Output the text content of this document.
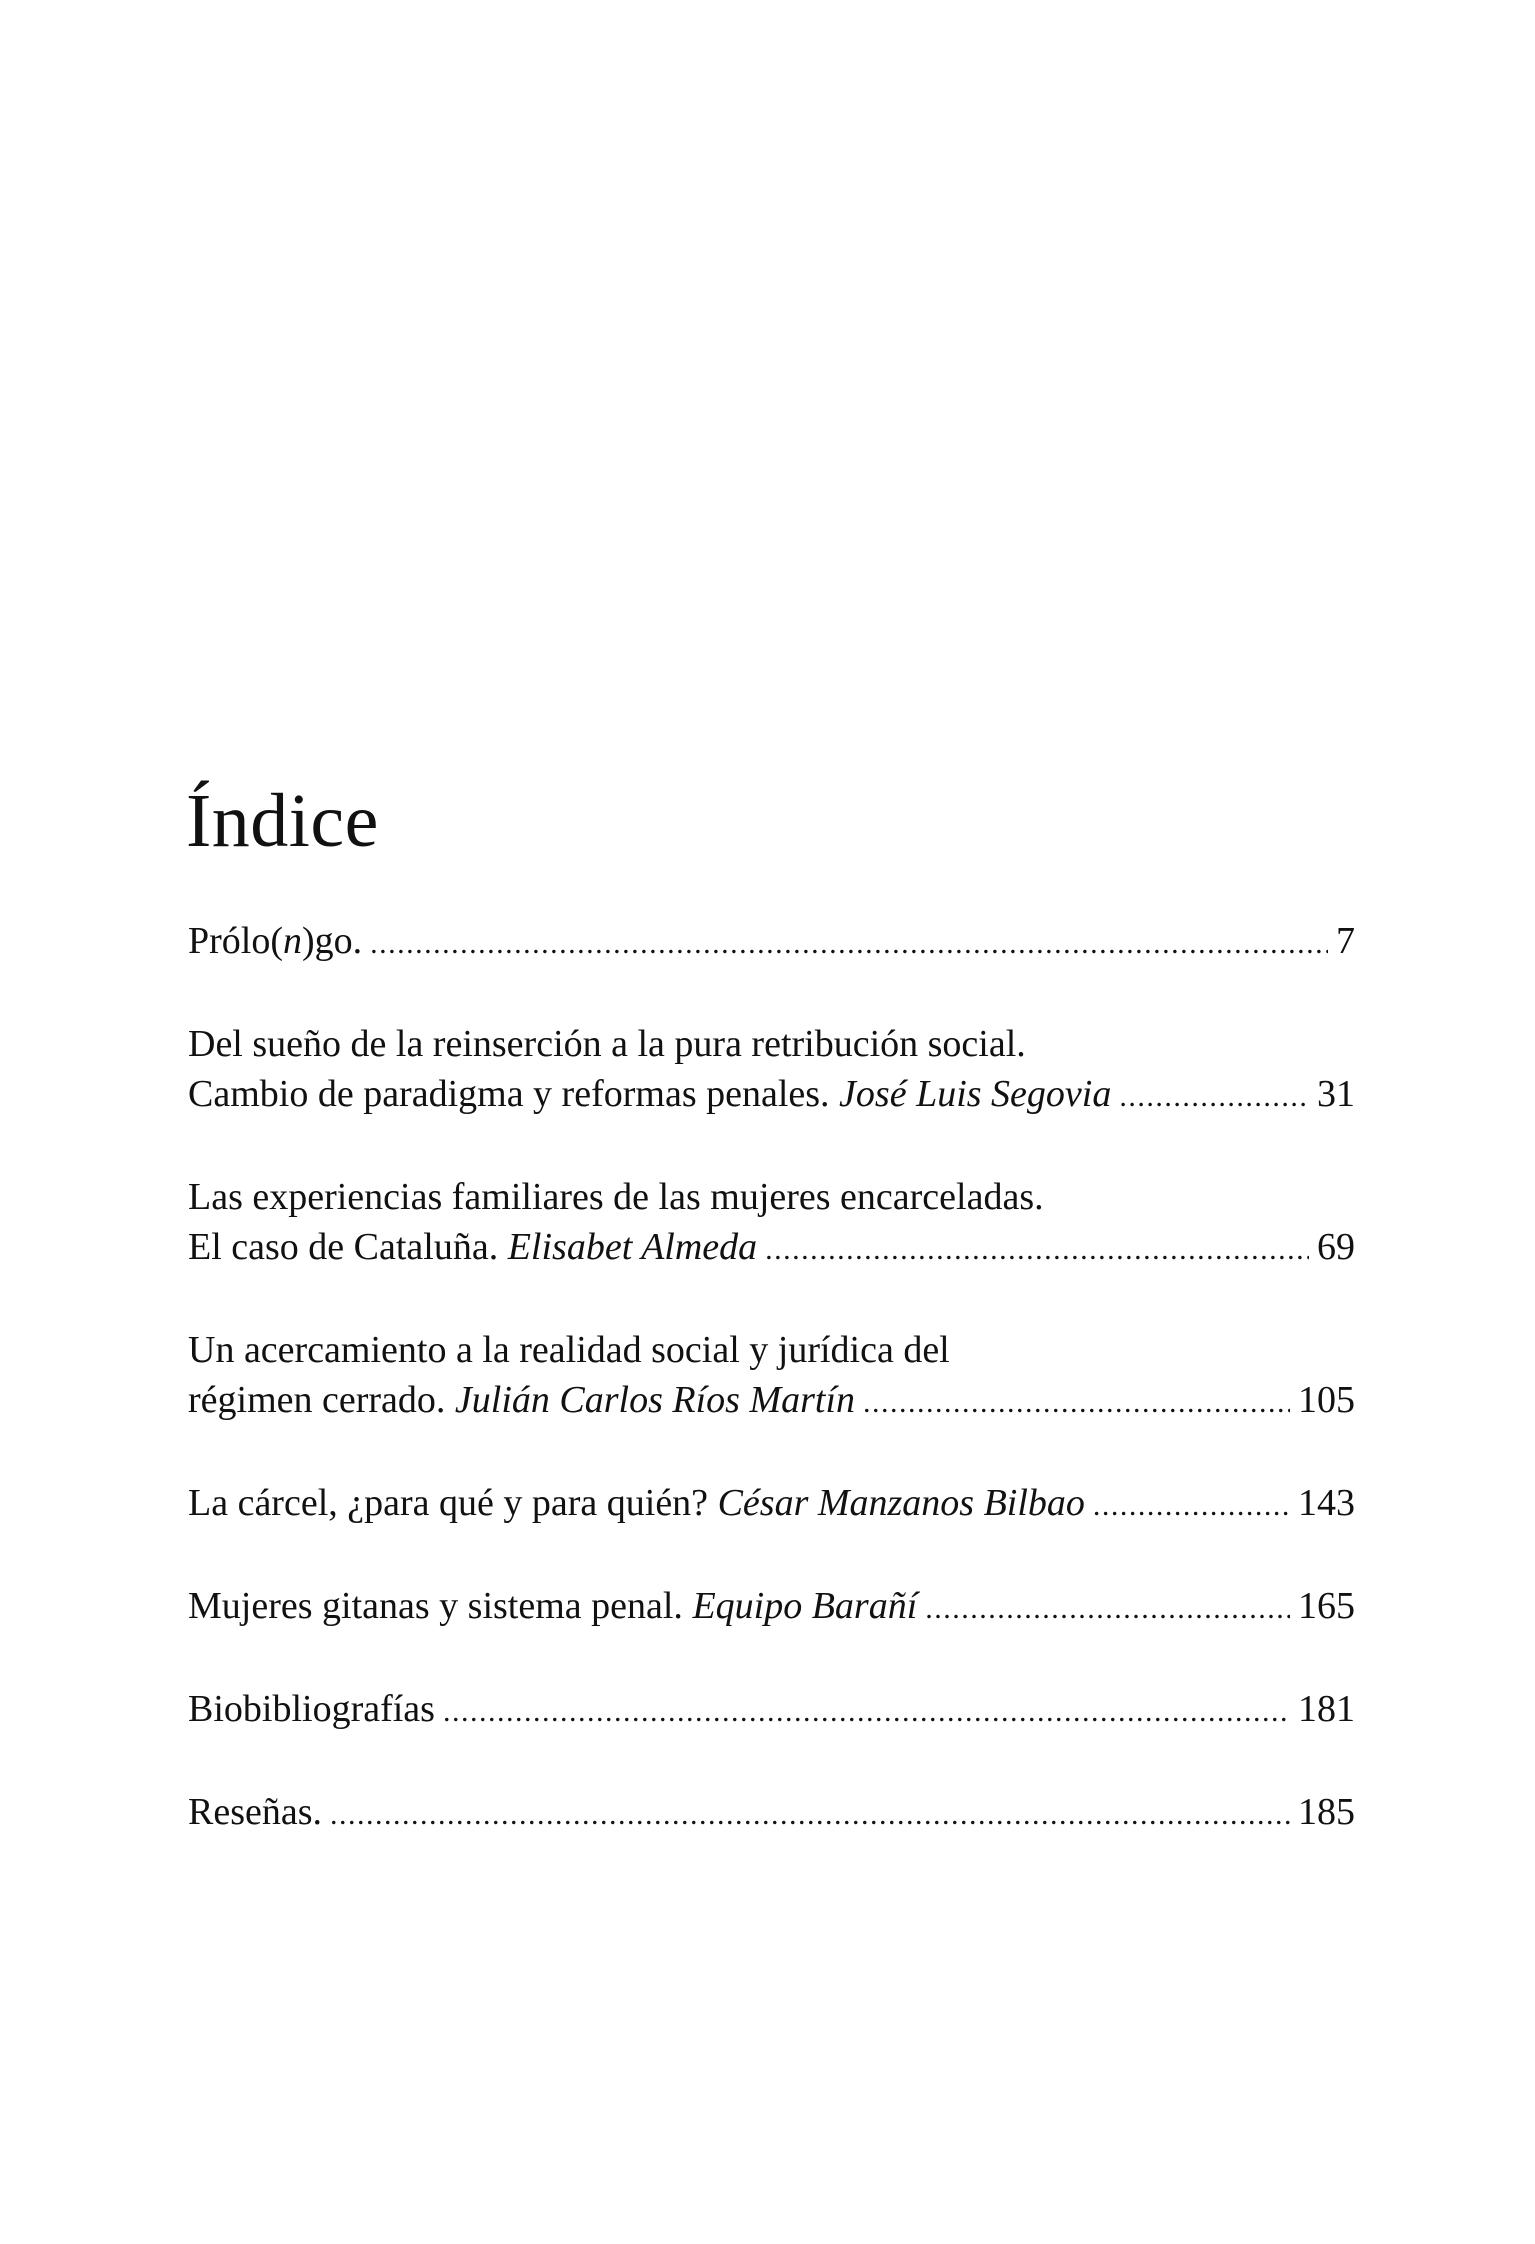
Índice
Prólo(n)go. . . .	7
Del sueño de la reinserción a la pura retribución social.
Cambio de paradigma y reformas penales.
José Luis Segovia . . .	31
Las experiencias familiares de las mujeres encarceladas.
El caso de Cataluña.
Elisabet Almeda . . .	69
Un acercamiento a la realidad social y jurídica del
régimen cerrado.
Julián Carlos Ríos Martín . . .	105
La cárcel, ¿para qué y para quién?
César Manzanos Bilbao . . .	143
Mujeres gitanas y sistema penal.
Equipo Barañí . . .	165
Biobibliografías . . .	181
Reseñas. . . .	185
